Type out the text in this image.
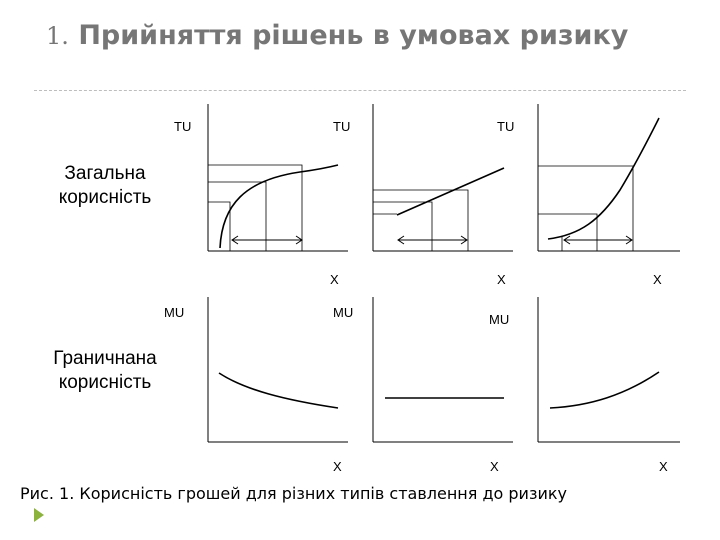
1. Прийняття рішень в умовах ризику
Загальна
корисність
Граничнана
корисність
TU
X
TU
X
TU
X
MU
X
MU
X
MU
X
Рис. 1. Корисність грошей для різних типів ставлення до ризику
